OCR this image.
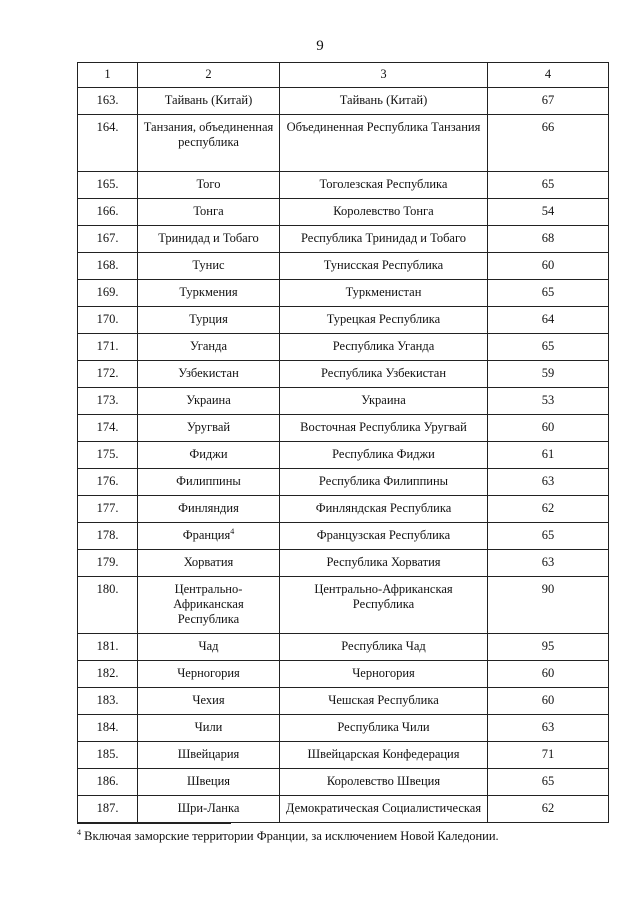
9
1	2	3	4
163.	Тайвань (Китай)	Тайвань (Китай)	67
164.	Танзания, объединенная республика	Объединенная Республика Танзания	66
165.	Того	Тоголезская Республика	65
166.	Тонга	Королевство Тонга	54
167.	Тринидад и Тобаго	Республика Тринидад и Тобаго	68
168.	Тунис	Тунисская Республика	60
169.	Туркмения	Туркменистан	65
170.	Турция	Турецкая Республика	64
171.	Уганда	Республика Уганда	65
172.	Узбекистан	Республика Узбекистан	59
173.	Украина	Украина	53
174.	Уругвай	Восточная Республика Уругвай	60
175.	Фиджи	Республика Фиджи	61
176.	Филиппины	Республика Филиппины	63
177.	Финляндия	Финляндская Республика	62
178.	Франция$^4$	Французская Республика	65
179.	Хорватия	Республика Хорватия	63
180.	Центрально-Африканская Республика	Центрально-Африканская Республика	90
181.	Чад	Республика Чад	95
182.	Черногория	Черногория	60
183.	Чехия	Чешская Республика	60
184.	Чили	Республика Чили	63
185.	Швейцария	Швейцарская Конфедерация	71
186.	Швеция	Королевство Швеция	65
187.	Шри-Ланка	Демократическая Социалистическая	62
$^4$ Включая заморские территории Франции, за исключением Новой Каледонии.
